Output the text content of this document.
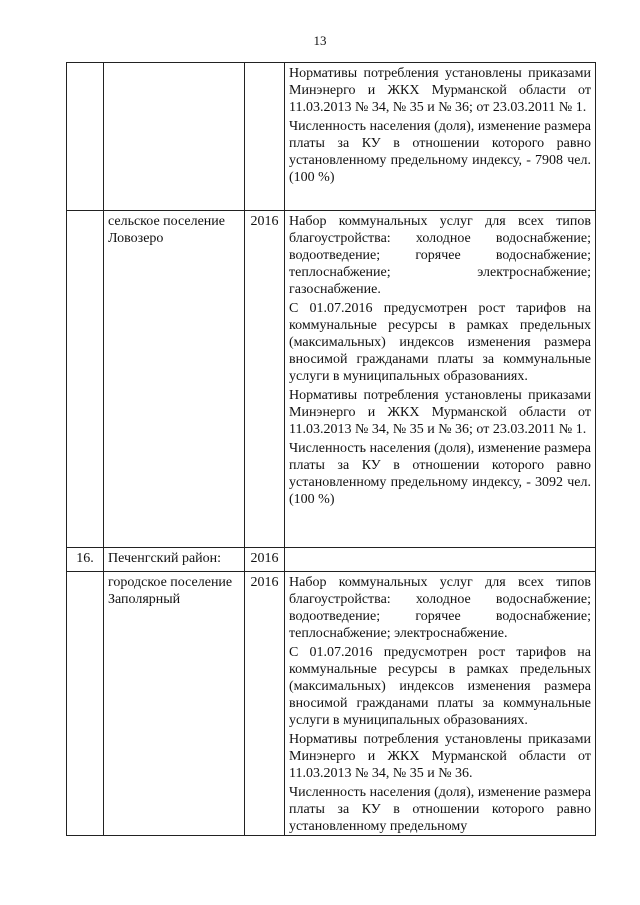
13

			Нормативы потребления установлены приказами Минэнерго и ЖКХ Мурманской области от 11.03.2013 № 34, № 35 и № 36; от 23.03.2011 № 1.
Численность населения (доля), изменение размера платы за КУ в отношении которого равно установленному предельному индексу, - 7908 чел. (100 %)

	сельское поселение Ловозеро	2016	Набор коммунальных услуг для всех типов благоустройства: холодное водоснабжение; водоотведение; горячее водоснабжение; теплоснабжение; электроснабжение; газоснабжение.
С 01.07.2016 предусмотрен рост тарифов на коммунальные ресурсы в рамках предельных (максимальных) индексов изменения размера вносимой гражданами платы за коммунальные услуги в муниципальных образованиях.
Нормативы потребления установлены приказами Минэнерго и ЖКХ Мурманской области от 11.03.2013 № 34, № 35 и № 36; от 23.03.2011 № 1.
Численность населения (доля), изменение размера платы за КУ в отношении которого равно установленному предельному индексу, - 3092 чел. (100 %)

16.	Печенгский район:	2016	
	городское поселение Заполярный	2016	Набор коммунальных услуг для всех типов благоустройства: холодное водоснабжение; водоотведение; горячее водоснабжение; теплоснабжение; электроснабжение.
С 01.07.2016 предусмотрен рост тарифов на коммунальные ресурсы в рамках предельных (максимальных) индексов изменения размера вносимой гражданами платы за коммунальные услуги в муниципальных образованиях.
Нормативы потребления установлены приказами Минэнерго и ЖКХ Мурманской области от 11.03.2013 № 34, № 35 и № 36.
Численность населения (доля), изменение размера платы за КУ в отношении которого равно установленному предельному
